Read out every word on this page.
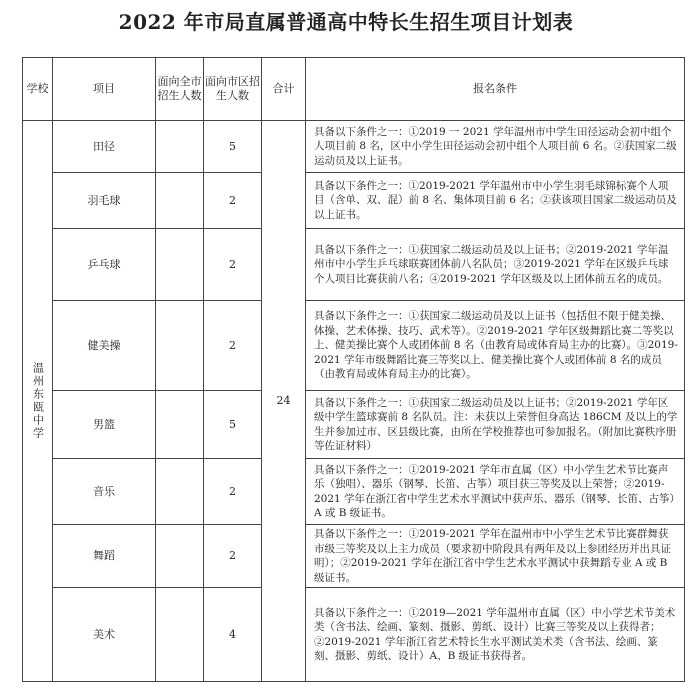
2022 年市局直属普通高中特长生招生项目计划表
学校	项目	面向全市招生人数	面向市区招生人数	合计	报名条件
温州东瓯中学	田径		5	24	具备以下条件之一：①2019 一 2021 学年温州市中学生田径运动会初中组个人项目前 8 名，区中小学生田径运动会初中组个人项目前 6 名。②获国家二级运动员及以上证书。
	羽毛球		2		具备以下条件之一：①2019-2021 学年温州市中小学生羽毛球锦标赛个人项目（含单、双、混）前 8 名、集体项目前 6 名；②获该项目国家二级运动员及以上证书。
	乒乓球		2		具备以下条件之一：①获国家二级运动员及以上证书；②2019-2021 学年温州市中小学生乒乓球联赛团体前八名队员；③2019-2021 学年在区级乒乓球个人项目比赛获前八名；④2019-2021 学年区级及以上团体前五名的成员。
	健美操		2		具备以下条件之一：①获国家二级运动员及以上证书（包括但不限于健美操、体操、艺术体操、技巧、武术等）。②2019-2021 学年区级舞蹈比赛二等奖以上、健美操比赛个人或团体前 8 名（由教育局或体育局主办的比赛）。③2019-2021 学年市级舞蹈比赛三等奖以上、健美操比赛个人或团体前 8 名的成员（由教育局或体育局主办的比赛）。
	男篮		5		具备以下条件之一：①获国家二级运动员及以上证书；②2019-2021 学年区级中学生篮球赛前 8 名队员。注：未获以上荣誉但身高达 186CM 及以上的学生并参加过市、区县级比赛，由所在学校推荐也可参加报名。（附加比赛秩序册等佐证材料）
	音乐		2		具备以下条件之一：①2019-2021 学年市直属（区）中小学生艺术节比赛声乐（独唱）、器乐（钢琴、长笛、古筝）项目获三等奖及以上荣誉；②2019-2021 学年在浙江省中学生艺术水平测试中获声乐、器乐（钢琴、长笛、古筝）A 或 B 级证书。
	舞蹈		2		具备以下条件之一：①2019-2021 学年在温州市中小学生艺术节比赛群舞获市级三等奖及以上主力成员（要求初中阶段具有两年及以上参团经历并出具证明）；②2019-2021 学年在浙江省中学生艺术水平测试中获舞蹈专业 A 或 B 级证书。
	美术		4		具备以下条件之一：①2019—2021 学年温州市直属（区）中小学艺术节美术类（含书法、绘画、篆刻、摄影、剪纸、设计）比赛三等奖及以上获得者；②2019-2021 学年浙江省艺术特长生水平测试美术类（含书法、绘画、篆刻、摄影、剪纸、设计）A、B 级证书获得者。
